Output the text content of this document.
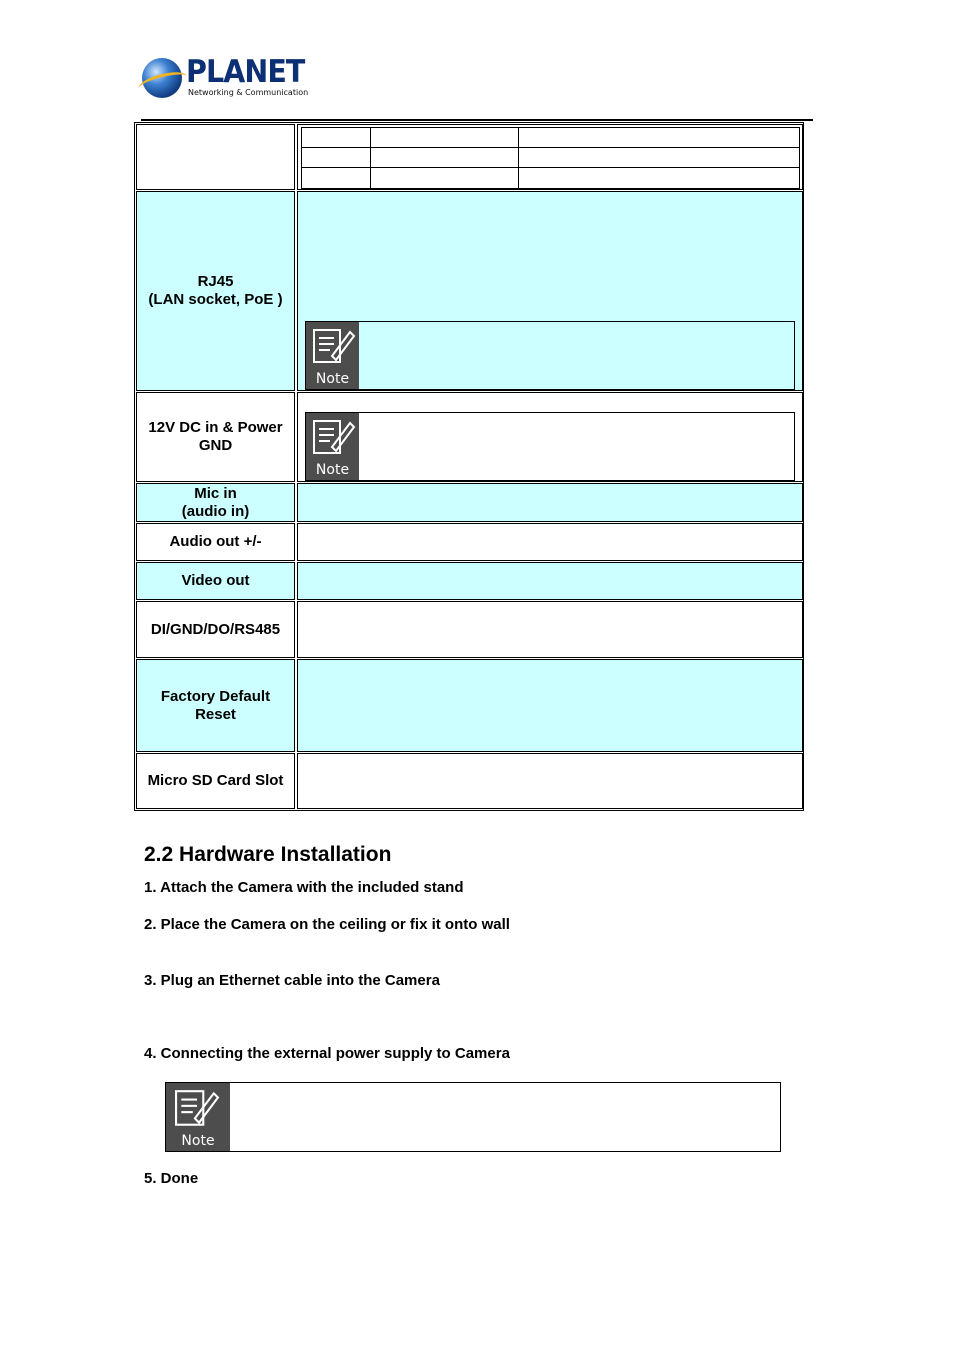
PLANET
Networking & Communication
RJ45
(LAN socket, PoE )
Note
12V DC in & Power
GND
Note
Mic in
(audio in)
Audio out +/-
Video out
DI/GND/DO/RS485
Factory Default
Reset
Micro SD Card Slot
2.2 Hardware Installation
1. Attach the Camera with the included stand
2. Place the Camera on the ceiling or fix it onto wall
3. Plug an Ethernet cable into the Camera
4. Connecting the external power supply to Camera
Note
5. Done
